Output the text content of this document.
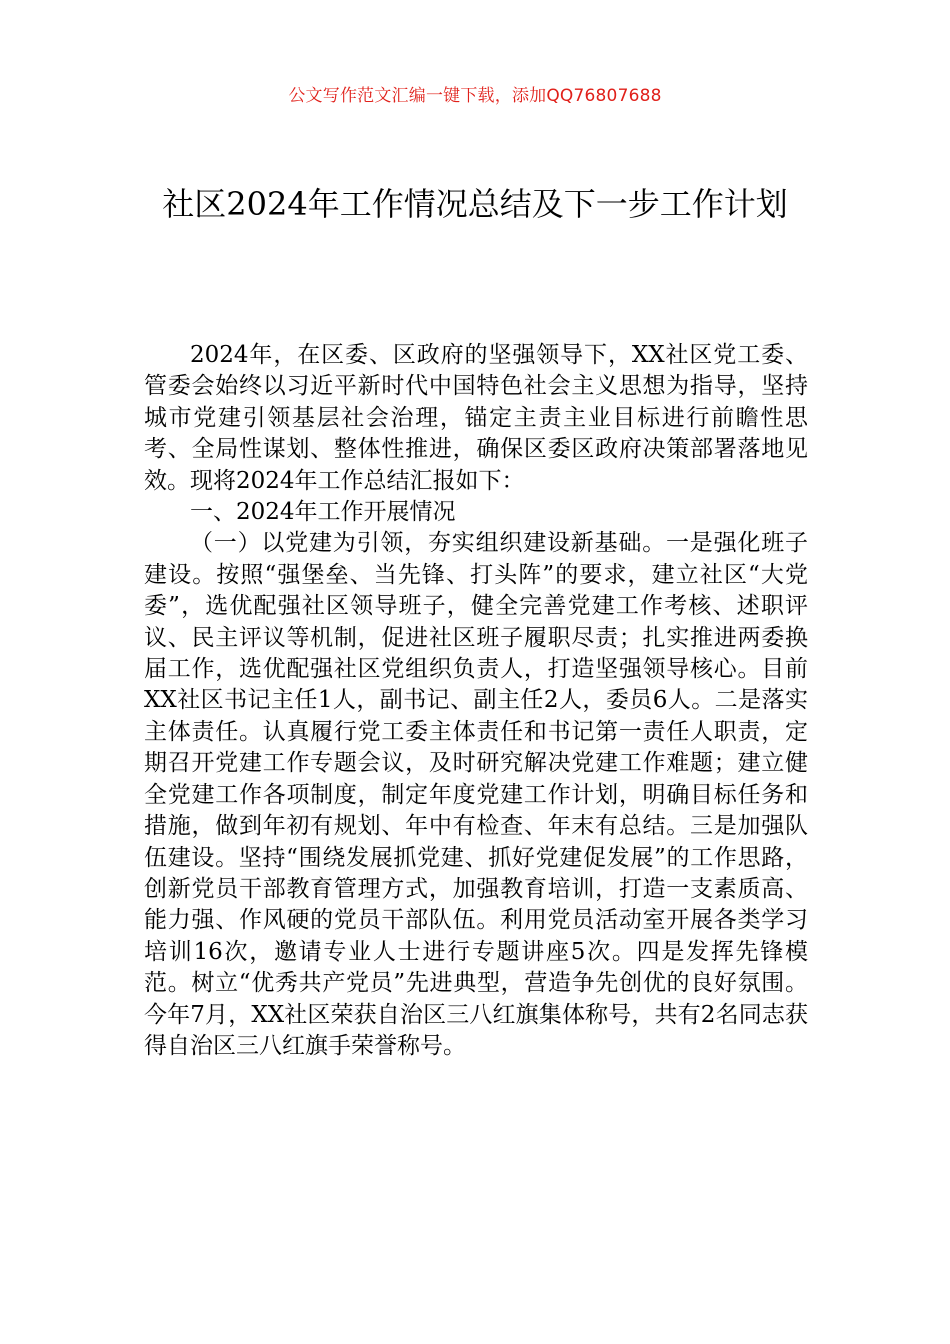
公文写作范文汇编一键下载，添加QQ76807688
社区2024年工作情况总结及下一步工作计划

2024年，在区委、区政府的坚强领导下，XX社区党工委、管委会始终以习近平新时代中国特色社会主义思想为指导，坚持城市党建引领基层社会治理，锚定主责主业目标进行前瞻性思考、全局性谋划、整体性推进，确保区委区政府决策部署落地见效。现将2024年工作总结汇报如下：

一、2024年工作开展情况

（一）以党建为引领，夯实组织建设新基础。一是强化班子建设。按照“强堡垒、当先锋、打头阵”的要求，建立社区“大党委”，选优配强社区领导班子，健全完善党建工作考核、述职评议、民主评议等机制，促进社区班子履职尽责；扎实推进两委换届工作，选优配强社区党组织负责人，打造坚强领导核心。目前XX社区书记主任1人，副书记、副主任2人，委员6人。二是落实主体责任。认真履行党工委主体责任和书记第一责任人职责，定期召开党建工作专题会议，及时研究解决党建工作难题；建立健全党建工作各项制度，制定年度党建工作计划，明确目标任务和措施，做到年初有规划、年中有检查、年末有总结。三是加强队伍建设。坚持“围绕发展抓党建、抓好党建促发展”的工作思路，创新党员干部教育管理方式，加强教育培训，打造一支素质高、能力强、作风硬的党员干部队伍。利用党员活动室开展各类学习培训16次，邀请专业人士进行专题讲座5次。四是发挥先锋模范。树立“优秀共产党员”先进典型，营造争先创优的良好氛围。今年7月，XX社区荣获自治区三八红旗集体称号，共有2名同志获得自治区三八红旗手荣誉称号。
